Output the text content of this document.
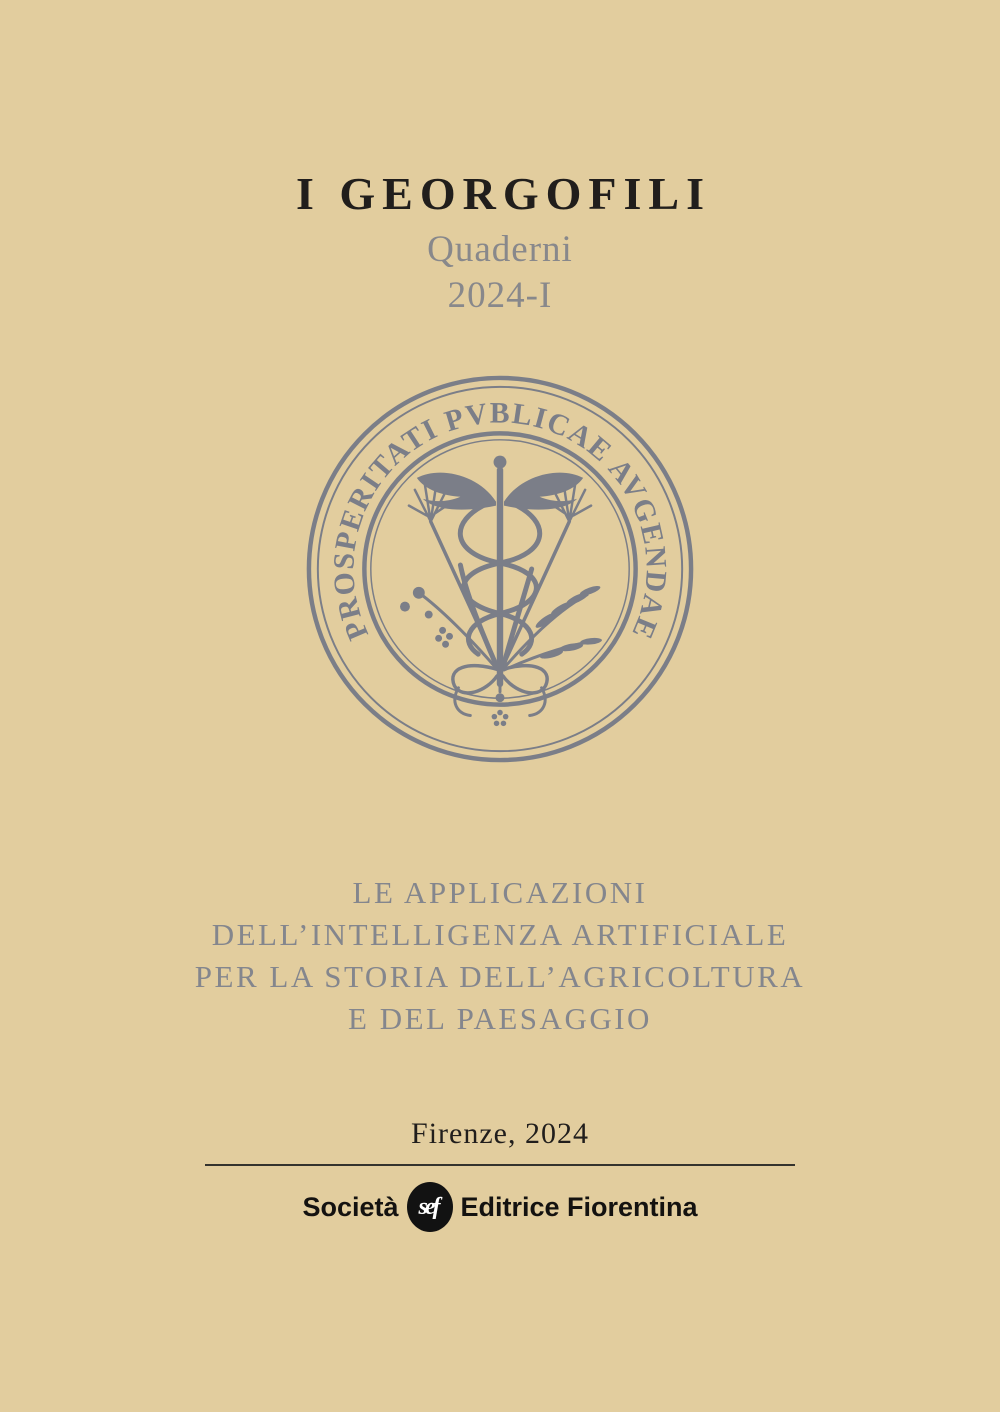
I GEORGOFILI
Quaderni
2024-I
PROSPERITATI PVBLICAE AVGENDAE
LE APPLICAZIONI
DELL’INTELLIGENZA ARTIFICIALE
PER LA STORIA DELL’AGRICOLTURA
E DEL PAESAGGIO
Firenze, 2024
Società sef Editrice Fiorentina
